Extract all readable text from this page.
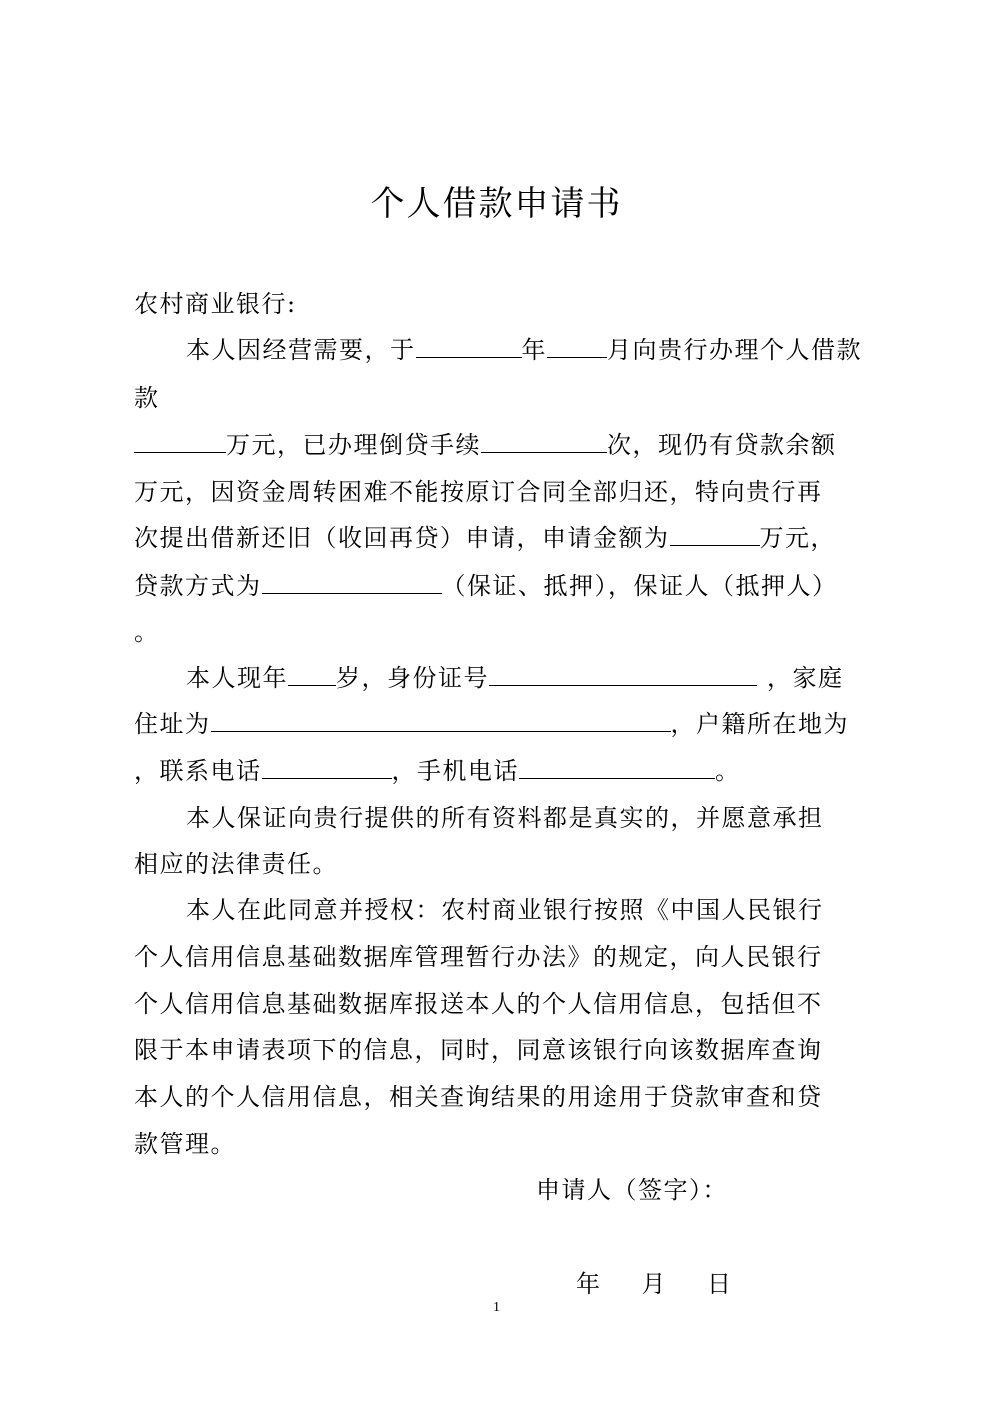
个人借款申请书
农村商业银行:
本人因经营需要，于	年	月向贵行办理个人借款
款
万元，已办理倒贷手续	次，现仍有贷款余额
万元，因资金周转困难不能按原订合同全部归还，特向贵行再
次提出借新还旧（收回再贷）申请，申请金额为	万元，
贷款方式为	（保证、抵押），保证人（抵押人）
。
本人现年 岁，身份证号	，家庭
住址为	，户籍所在地为
，联系电话	，手机电话	。
本人保证向贵行提供的所有资料都是真实的，并愿意承担
相应的法律责任。
本人在此同意并授权：农村商业银行按照《中国人民银行
个人信用信息基础数据库管理暂行办法》的规定，向人民银行
个人信用信息基础数据库报送本人的个人信用信息，包括但不
限于本申请表项下的信息，同时，同意该银行向该数据库查询
本人的个人信用信息，相关查询结果的用途用于贷款审查和贷
款管理。
申请人（签字）：
年 月 日
1
